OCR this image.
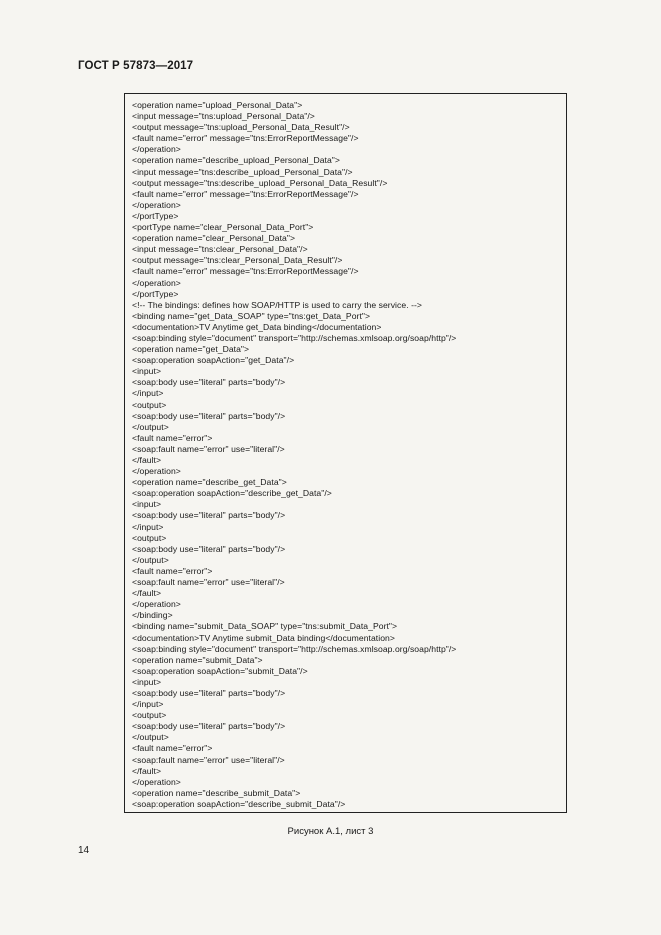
ГОСТ Р 57873—2017
<operation name="upload_Personal_Data">
<input message="tns:upload_Personal_Data"/>
<output message="tns:upload_Personal_Data_Result"/>
<fault name="error" message="tns:ErrorReportMessage"/>
</operation>
<operation name="describe_upload_Personal_Data">
<input message="tns:describe_upload_Personal_Data"/>
<output message="tns:describe_upload_Personal_Data_Result"/>
<fault name="error" message="tns:ErrorReportMessage"/>
</operation>
</portType>
<portType name="clear_Personal_Data_Port">
<operation name="clear_Personal_Data">
<input message="tns:clear_Personal_Data"/>
<output message="tns:clear_Personal_Data_Result"/>
<fault name="error" message="tns:ErrorReportMessage"/>
</operation>
</portType>
<!-- The bindings: defines how SOAP/HTTP is used to carry the service. -->
<binding name="get_Data_SOAP" type="tns:get_Data_Port">
<documentation>TV Anytime get_Data binding</documentation>
<soap:binding style="document" transport="http://schemas.xmlsoap.org/soap/http"/>
<operation name="get_Data">
<soap:operation soapAction="get_Data"/>
<input>
<soap:body use="literal" parts="body"/>
</input>
<output>
<soap:body use="literal" parts="body"/>
</output>
<fault name="error">
<soap:fault name="error" use="literal"/>
</fault>
</operation>
<operation name="describe_get_Data">
<soap:operation soapAction="describe_get_Data"/>
<input>
<soap:body use="literal" parts="body"/>
</input>
<output>
<soap:body use="literal" parts="body"/>
</output>
<fault name="error">
<soap:fault name="error" use="literal"/>
</fault>
</operation>
</binding>
<binding name="submit_Data_SOAP" type="tns:submit_Data_Port">
<documentation>TV Anytime submit_Data binding</documentation>
<soap:binding style="document" transport="http://schemas.xmlsoap.org/soap/http"/>
<operation name="submit_Data">
<soap:operation soapAction="submit_Data"/>
<input>
<soap:body use="literal" parts="body"/>
</input>
<output>
<soap:body use="literal" parts="body"/>
</output>
<fault name="error">
<soap:fault name="error" use="literal"/>
</fault>
</operation>
<operation name="describe_submit_Data">
<soap:operation soapAction="describe_submit_Data"/>
Рисунок А.1, лист 3
14
